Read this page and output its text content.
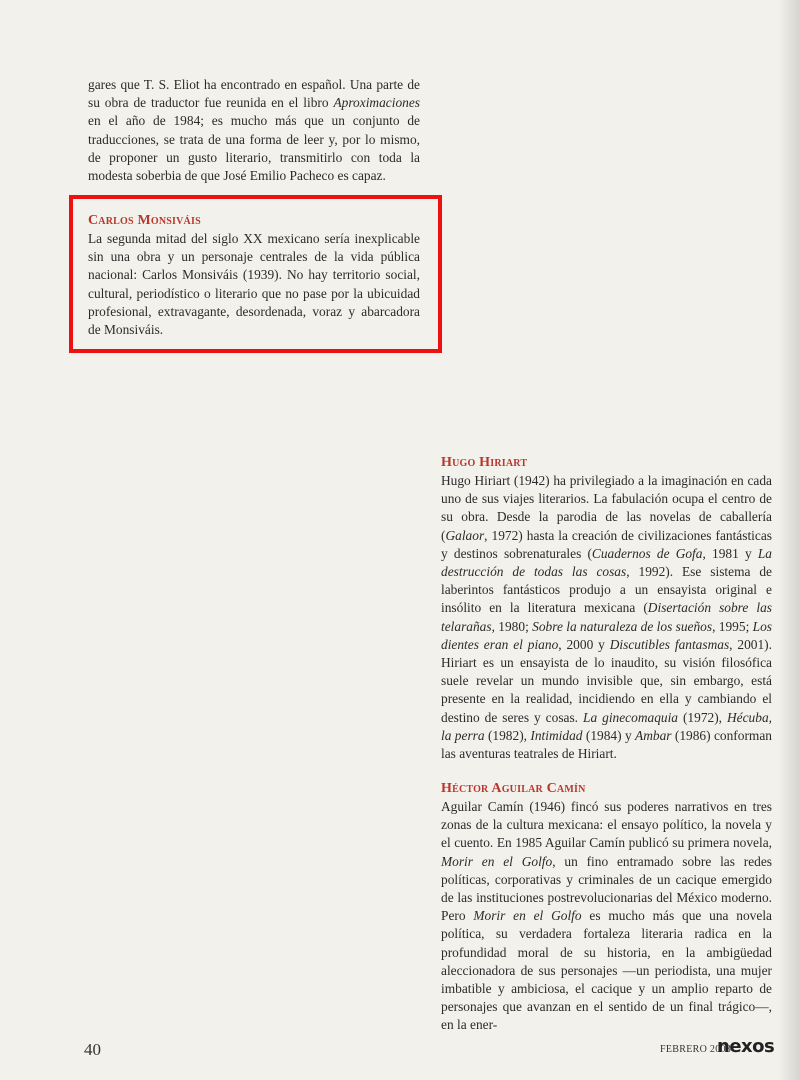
gares que T. S. Eliot ha encontrado en español. Una parte de su obra de traductor fue reunida en el libro Aproximaciones en el año de 1984; es mucho más que un conjunto de traducciones, se trata de una forma de leer y, por lo mismo, de proponer un gusto literario, transmitirlo con toda la modesta soberbia de que José Emilio Pacheco es capaz.

Carlos Monsiváis

La segunda mitad del siglo XX mexicano sería inexplicable sin una obra y un personaje centrales de la vida pública nacional: Carlos Monsiváis (1939). No hay territorio social, cultural, periodístico o literario que no pase por la ubicuidad profesional, extravagante, desordenada, voraz y abarcadora de Monsiváis.

Hugo Hiriart

Hugo Hiriart (1942) ha privilegiado a la imaginación en cada uno de sus viajes literarios. La fabulación ocupa el centro de su obra. Desde la parodia de las novelas de caballería (Galaor, 1972) hasta la creación de civilizaciones fantásticas y destinos sobrenaturales (Cuadernos de Gofa, 1981 y La destrucción de todas las cosas, 1992). Ese sistema de laberintos fantásticos produjo a un ensayista original e insólito en la literatura mexicana (Disertación sobre las telarañas, 1980; Sobre la naturaleza de los sueños, 1995; Los dientes eran el piano, 2000 y Discutibles fantasmas, 2001). Hiriart es un ensayista de lo inaudito, su visión filosófica suele revelar un mundo invisible que, sin embargo, está presente en la realidad, incidiendo en ella y cambiando el destino de seres y cosas. La ginecomaquia (1972), Hécuba, la perra (1982), Intimidad (1984) y Ambar (1986) conforman las aventuras teatrales de Hiriart.

Héctor Aguilar Camín

Aguilar Camín (1946) fincó sus poderes narrativos en tres zonas de la cultura mexicana: el ensayo político, la novela y el cuento. En 1985 Aguilar Camín publicó su primera novela, Morir en el Golfo, un fino entramado sobre las redes políticas, corporativas y criminales de un cacique emergido de las instituciones postrevolucionarias del México moderno. Pero Morir en el Golfo es mucho más que una novela política, su verdadera fortaleza literaria radica en la profundidad moral de su historia, en la ambigüedad aleccionadora de sus personajes —un periodista, una mujer imbatible y ambiciosa, el cacique y un amplio reparto de personajes que avanzan en el sentido de un final trágico—, en la ener-

40	FEBRERO 2003
nexos
